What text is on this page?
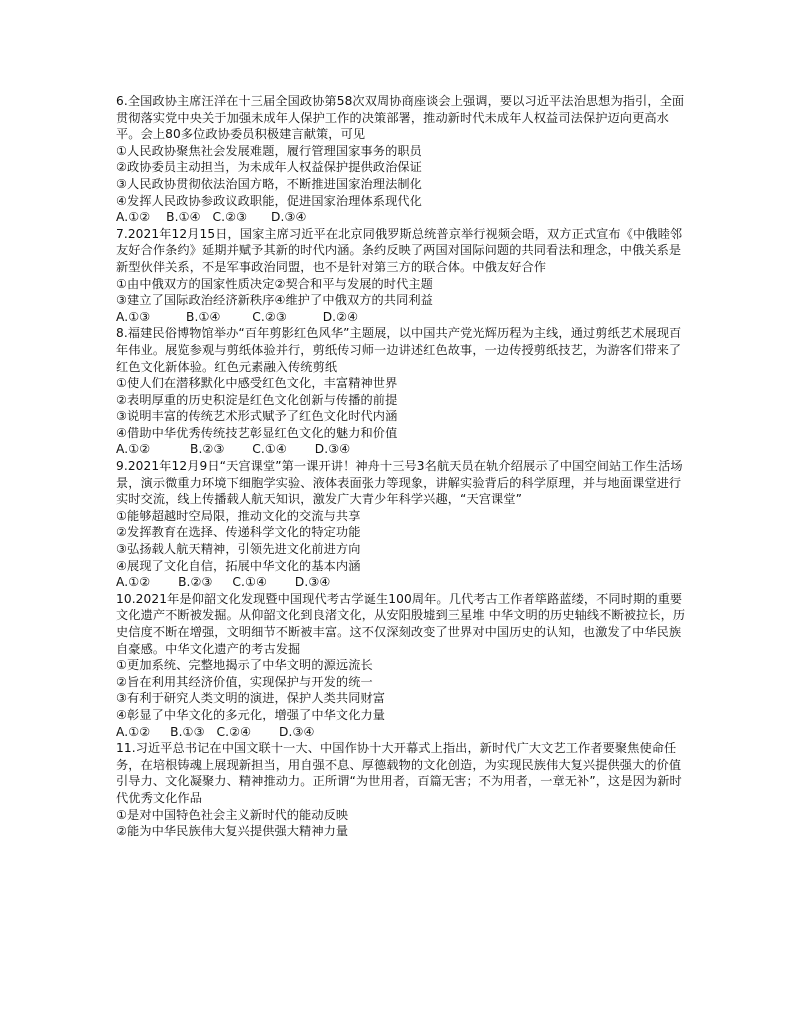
6.全国政协主席汪洋在十三届全国政协第58次双周协商座谈会上强调，要以习近平法治思想为指引，全面贯彻落实党中央关于加强未成年人保护工作的决策部署，推动新时代未成年人权益司法保护迈向更高水平。会上80多位政协委员积极建言献策，可见

①人民政协聚焦社会发展难题，履行管理国家事务的职员

②政协委员主动担当，为未成年人权益保护提供政治保证

③人民政协贯彻依法治国方略，不断推进国家治理法制化

④发挥人民政协参政议政职能，促进国家治理体系现代化

A.①②    B.①④   C.②③      D.③④

7.2021年12月15日，国家主席习近平在北京同俄罗斯总统普京举行视频会晤，双方正式宣布《中俄睦邻友好合作条约》延期并赋予其新的时代内涵。条约反映了两国对国际问题的共同看法和理念，中俄关系是新型伙伴关系，不是军事政治同盟，也不是针对第三方的联合体。中俄友好合作

①由中俄双方的国家性质决定②契合和平与发展的时代主题

③建立了国际政治经济新秩序④维护了中俄双方的共同利益

A.①③         B.①④        C.②③         D.②④

8.福建民俗博物馆举办“百年剪影红色风华”主题展，以中国共产党光辉历程为主线，通过剪纸艺术展现百年伟业。展览参观与剪纸体验并行，剪纸传习师一边讲述红色故事，一边传授剪纸技艺，为游客们带来了红色文化新体验。红色元素融入传统剪纸

①使人们在潜移默化中感受红色文化，丰富精神世界

②表明厚重的历史积淀是红色文化创新与传播的前提

③说明丰富的传统艺术形式赋予了红色文化时代内涵

④借助中华优秀传统技艺彰显红色文化的魅力和价值

A.①②          B.②③       C.①④       D.③④

9.2021年12月9日“天宫课堂”第一课开讲！神舟十三号3名航天员在轨介绍展示了中国空间站工作生活场景，演示微重力环境下细胞学实验、液体表面张力等现象，讲解实验背后的科学原理，并与地面课堂进行实时交流，线上传播载人航天知识，激发广大青少年科学兴趣，“天宫课堂”

①能够超越时空局限，推动文化的交流与共享

②发挥教育在选择、传递科学文化的特定功能

③弘扬载人航天精神，引领先进文化前进方向

④展现了文化自信，拓展中华文化的基本内涵

A.①②       B.②③     C.①④       D.③④

10.2021年是仰韶文化发现暨中国现代考古学诞生100周年。几代考古工作者筚路蓝缕，不同时期的重要文化遗产不断被发掘。从仰韶文化到良渚文化，从安阳殷墟到三星堆 中华文明的历史轴线不断被拉长，历史信度不断在增强，文明细节不断被丰富。这不仅深刻改变了世界对中国历史的认知，也激发了中华民族自豪感。中华文化遗产的考古发掘

①更加系统、完整地揭示了中华文明的源远流长

②旨在利用其经济价值，实现保护与开发的统一

③有利于研究人类文明的演进，保护人类共同财富

④彰显了中华文化的多元化，增强了中华文化力量

A.①②     B.①③   C.②④       D.③④

11.习近平总书记在中国文联十一大、中国作协十大开幕式上指出，新时代广大文艺工作者要聚焦使命任务，在培根铸魂上展现新担当，用自强不息、厚德载物的文化创造，为实现民族伟大复兴提供强大的价值引导力、文化凝聚力、精神推动力。正所谓“为世用者，百篇无害；不为用者，一章无补”，这是因为新时代优秀文化作品

①是对中国特色社会主义新时代的能动反映

②能为中华民族伟大复兴提供强大精神力量
